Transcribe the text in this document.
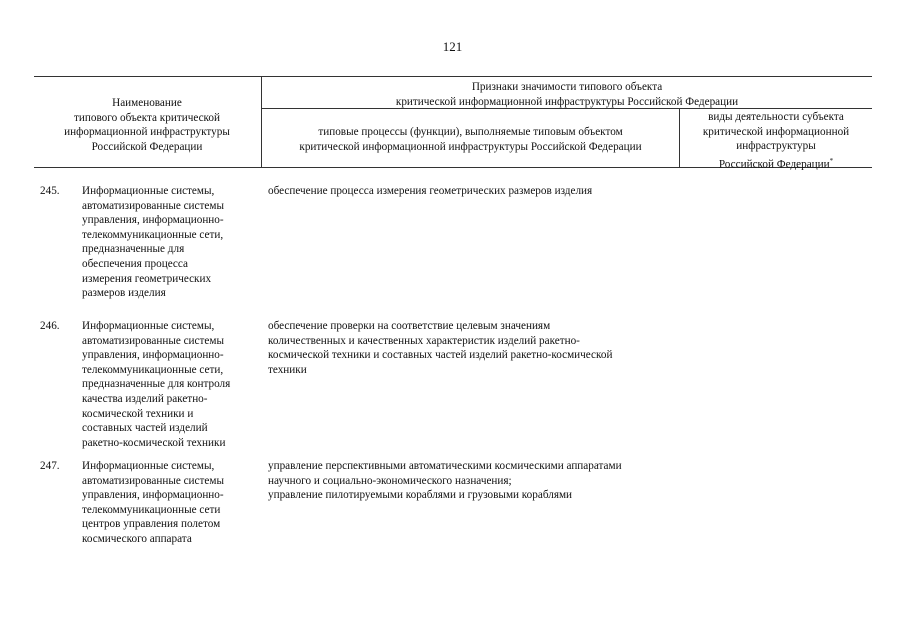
121
Наименование
типового объекта критической
информационной инфраструктуры
Российской Федерации
Признаки значимости типового объекта
критической информационной инфраструктуры Российской Федерации
типовые процессы (функции), выполняемые типовым объектом
критической информационной инфраструктуры Российской Федерации
виды деятельности субъекта
критической информационной
инфраструктуры
Российской Федерации*
245. Информационные системы,
автоматизированные системы
управления, информационно-
телекоммуникационные сети,
предназначенные для
обеспечения процесса
измерения геометрических
размеров изделия
обеспечение процесса измерения геометрических размеров изделия
246. Информационные системы,
автоматизированные системы
управления, информационно-
телекоммуникационные сети,
предназначенные для контроля
качества изделий ракетно-
космической техники и
составных частей изделий
ракетно-космической техники
обеспечение проверки на соответствие целевым значениям
количественных и качественных характеристик изделий ракетно-
космической техники и составных частей изделий ракетно-космической
техники
247. Информационные системы,
автоматизированные системы
управления, информационно-
телекоммуникационные сети
центров управления полетом
космического аппарата
управление перспективными автоматическими космическими аппаратами
научного и социально-экономического назначения;
управление пилотируемыми кораблями и грузовыми кораблями
